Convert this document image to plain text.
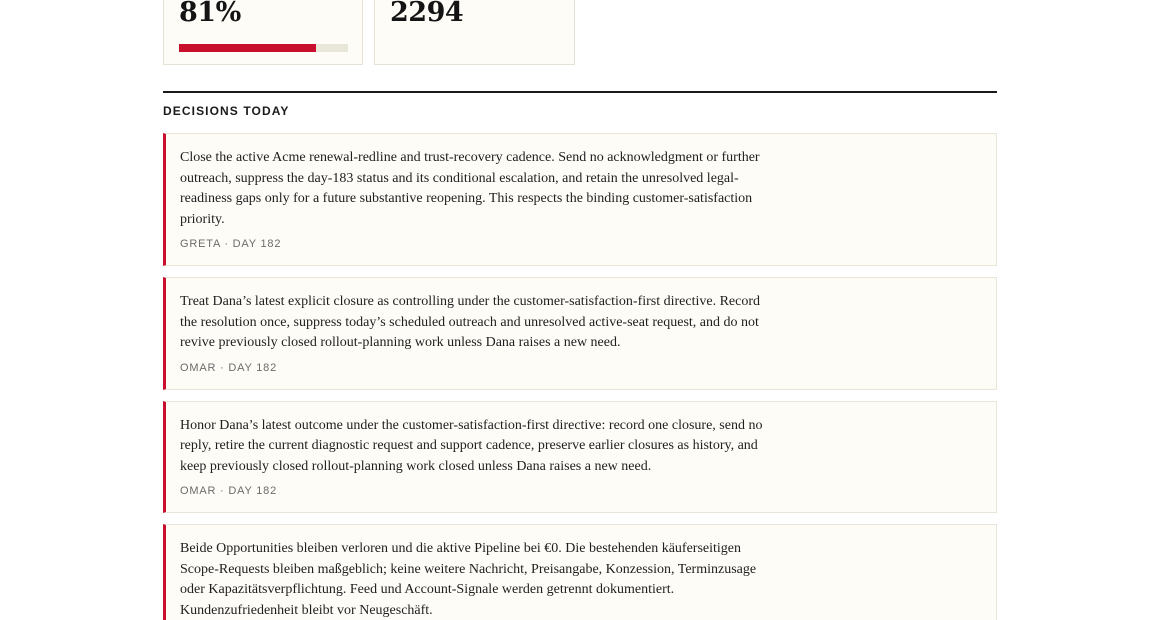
81%	2294
DECISIONS TODAY
Close the active Acme renewal-redline and trust-recovery cadence. Send no acknowledgment or further outreach, suppress the day-183 status and its conditional escalation, and retain the unresolved legal-readiness gaps only for a future substantive reopening. This respects the binding customer-satisfaction priority.
GRETA · DAY 182
Treat Dana’s latest explicit closure as controlling under the customer-satisfaction-first directive. Record the resolution once, suppress today’s scheduled outreach and unresolved active-seat request, and do not revive previously closed rollout-planning work unless Dana raises a new need.
OMAR · DAY 182
Honor Dana’s latest outcome under the customer-satisfaction-first directive: record one closure, send no reply, retire the current diagnostic request and support cadence, preserve earlier closures as history, and keep previously closed rollout-planning work closed unless Dana raises a new need.
OMAR · DAY 182
Beide Opportunities bleiben verloren und die aktive Pipeline bei €0. Die bestehenden käuferseitigen Scope-Requests bleiben maßgeblich; keine weitere Nachricht, Preisangabe, Konzession, Terminzusage oder Kapazitätsverpflichtung. Feed und Account-Signale werden getrennt dokumentiert. Kundenzufriedenheit bleibt vor Neugeschäft.
